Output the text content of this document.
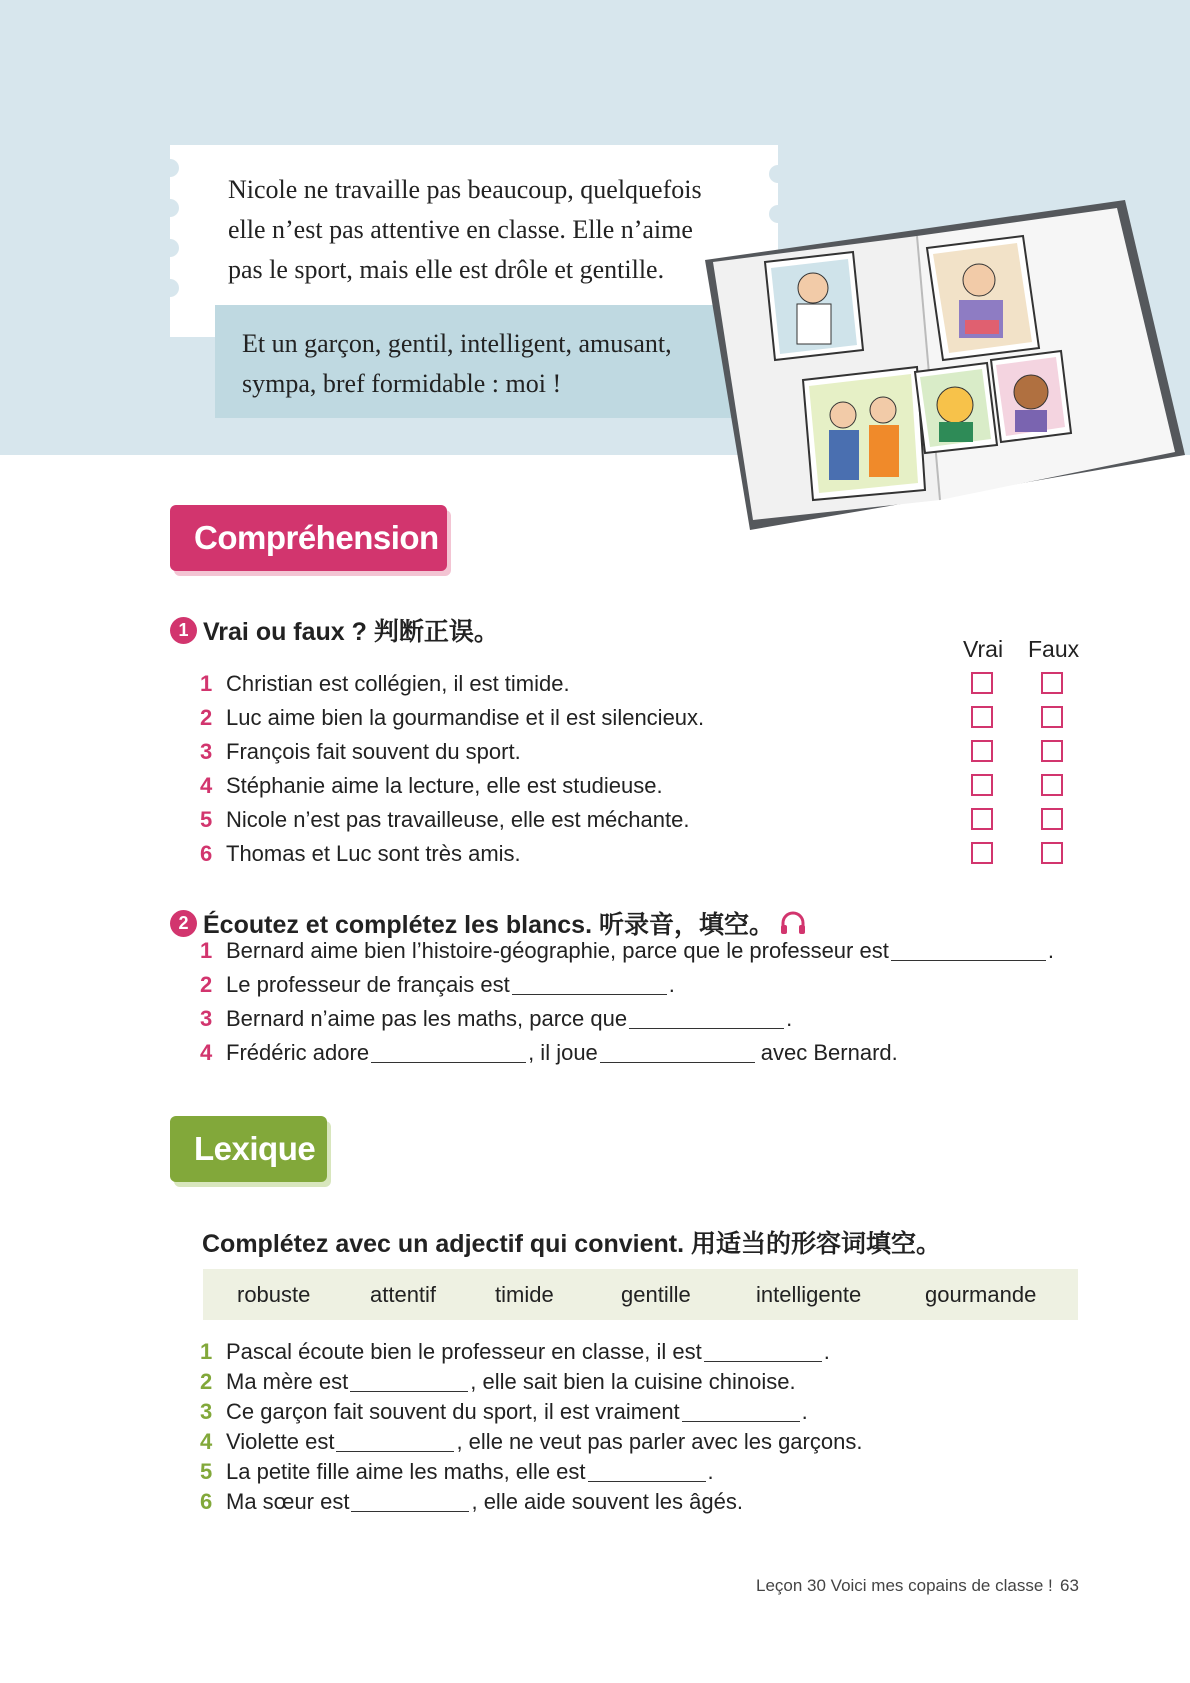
Nicole ne travaille pas beaucoup, quelquefois
elle n’est pas attentive en classe. Elle n’aime
pas le sport, mais elle est drôle et gentille.
Et un garçon, gentil, intelligent, amusant,
sympa, bref formidable : moi !
Compréhension
1 Vrai ou faux ? 判断正误。
Vrai Faux
1 Christian est collégien, il est timide.
2 Luc aime bien la gourmandise et il est silencieux.
3 François fait souvent du sport.
4 Stéphanie aime la lecture, elle est studieuse.
5 Nicole n’est pas travailleuse, elle est méchante.
6 Thomas et Luc sont très amis.
2 Écoutez et complétez les blancs. 听录音，填空。
1 Bernard aime bien l’histoire-géographie, parce que le professeur est	.
2 Le professeur de français est	.
3 Bernard n’aime pas les maths, parce que	.
4 Frédéric adore	, il joue	avec Bernard.
Lexique
Complétez avec un adjectif qui convient. 用适当的形容词填空。
robuste	attentif	timide	gentille	intelligente	gourmande
1 Pascal écoute bien le professeur en classe, il est	.
2 Ma mère est	, elle sait bien la cuisine chinoise.
3 Ce garçon fait souvent du sport, il est vraiment	.
4 Violette est	, elle ne veut pas parler avec les garçons.
5 La petite fille aime les maths, elle est	.
6 Ma sœur est	, elle aide souvent les âgés.
Leçon 30 Voici mes copains de classe ! 63
